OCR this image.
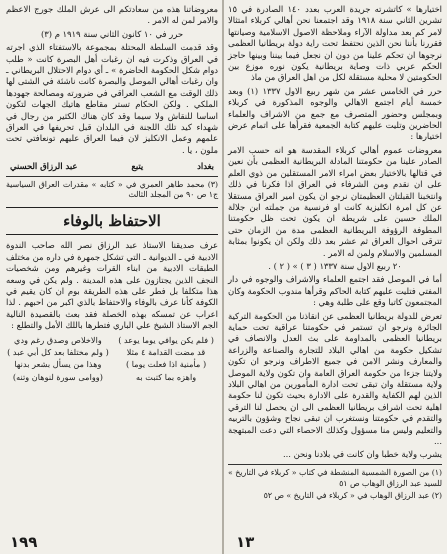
اختيارها » كاتشرته جريدة العرب بعدد ١٤٠ الصادرة في ١٥ تشرين الثاني سنة ١٩١٨ وقد اجتمعنا نحن أهالي كربلاء امتثالا لامر كم بعد مداولة الآراء وملاحظة الاصول الاسلامية وصيانتها فقررنا بأننا نحن الذين نحتفظ تحت راية دولة بريطانيا العظمى نرجوها ان تحكم علينا من دون ان نجعل فيما بيننا وبينها حاجز الحكم عربي ذات وصاية بريطانية يكون نوره موزع بين الحكومتين لا محلية مستقلة لكل من اهل العراق من ماذ

حرر في الخامس عشر من شهر ربيع الاول ١٣٣٧ (١) وبعد خمسة أيام اجتمع الاهالي والوجوه المذكورة في كربلاء وبمجلس وحضور المتصرف مع جمع من الاشراف والعلماء الحاضرين وتليت عليهم كتابة الجمعية فقرأها على اتمام عرض اختيارها :

معروضات عموم أهالي كربلاء المقدسة هو انه حسب الامر الصادر علينا من حكومتنا المادلة البريطانية العظمى بأن نعين في قتالها بالاختيار بعض امراء الامر المستقلين من ذوي العلم على ان نقدم ومن الشرفاء في العراق اذا فكرنا في ذلك وانتخبنا القبلتان العظيمتان نرجو ان يكون امير العراق مستقلا عن كل امرة انكليزية كانت او فرنسية من جملته ابن جلالة الملك حسين على شريطة ان يكون تحت ظل حكومتنا المطوفة الرؤوفة البريطانية العظمى مدة من الزمان حتى تترقى احوال العراق ثم عشر بعد ذلك ولكن ان يكونوا بمثابة المسلمين والاسلام ولمن له الامر .

٢٠ ربيع الاول سنة ١٣٣٧ ( ٣ ) » ( ٢ ) .

أما في الموصل فقد اجتمع العلماء والاشراف والوجوه في دار المفتي فتليت عليهم كتابة الحاكم وقرأها مندوب الحكومة وكان المجتمعون كاتبا وقع على طلبة وهي :

تعرض للدولة بريطانيا العظمى عن انقاذنا من الحكومة التركية الجائرة ونرجو ان تستمر في حكومتنا عراقية تحت حماية بريطانيا العظمى بالمداومة على بث العدل والانصاف في تشكيل حكومة من اهالي البلاد للتجارة والصناعة والزراعة والمعارف ونشر الامن في جميع الاطراف ونرجو ان تكون ولايتنا جزءا من حكومة العراق العامة وان تكون ولاية الموصل ولاية مستقلة وان تبقى تحت ادارة المأمورين من اهالي البلاد الذين لهم الكفاية والقدرة على الادارة بحيث تكون لنا حكومة اهلية تحت اشراف بريطانيا العظمى الى ان يحصل لنا الترقي والتقدم في حكومتنا ونستغرب ان تبقى نجاح وشؤون بالتربيه والتعليم وليس منا مسؤول وكذلك الاحصاء التي دعت المبتهجة ...

يشرب ولاية خطبا وان كانت في بلادنا ونحن ...

(١) من الصورة الشمسية المنشطة في كتاب « كربلاء في التاريخ » للسيد عبد الرزاق الوهاب ص ٥١

(٢) عبد الرزاق الوهاب في « كربلاء في التاريخ » ص ٥٢

١٣

معروضاتنا هذه من سعادتكم الى عرش الملك جورج الاعظم والامر لمن له الامر .

حرر في ١٠ كانون الثاني سنة ١٩١٩ م (٣)

وقد قدمت السلطة المحتلة بمجموعة بالاستفتاء الذي اجرته في العراق وذكرت فيه ان رغبات أهل البصرة كانت « طلب دوام شكل الحكومة الحاضرة » ـ أي دوام الاحتلال البريطاني ـ وان رغبات أهالي الموصل والبصرة كانت ناشئة في الشتى لها ذلك الوقت مع الشعب العراقي في ضرورته ومصالحة جهودها الملكي . ولكن الحكام تستر مقاطع هاتيك الجهات لتكون اساسا للنقاش ولا سيما وقد كان هناك الكثير من رجال في شهداء كيد تلك اللجنة في البلدان قبل تحريفها في العراق علمهم وعمل الانكليز لان فيما العراق عليهم تونعافتي تحت ملون ، يا .

بغداد
يتبع
عبد الرزاق الحسني

(٣) محمد طاهر العمري في « كتابه » مقدرات العراق السياسية ج١ ص ٩٠ من المجلد الثالث

الاحتفاظ بالوفاء

عرف صديقنا الاستاذ عبد الرزاق نصر الله صاحب الندوة الادبية في ـ الديوانية ـ التي تشكل جمهرة في داره من مختلف الطبقات الادبية من ابناء القرات وغيرهم ومن شخصيات النجف الذين يجتازون على هذه المدينة . ولم يكن في وسعه هذا متكلفا بل فطر على هذه الطريقة بوم ان كان يقيم في الكوفة كأنا عرف بالوفاء والاحتفاظ بالذي اكبر من احبهم . لذا اعراب عن تمسكه بهذه الخصلة فقد بعث بالقصيدة النالية الجم الاستاذ الشيخ علي الباري فتطرها باللك الأمل والتطلع :

( فلم يكن يوافي يوما يوعد )
والاخلاص وصدق رغم ودي
قد مضت القدامة ٤ مثلا
( ولم مختلفا بعد كل أبي عبد )
( مأمنية اذا فعلت يوما )
وهذا من يسأل بشعر بدنها
واهزه بما كتبت به
(ووامى سورة لنوهان وتنه)
١٩٩
